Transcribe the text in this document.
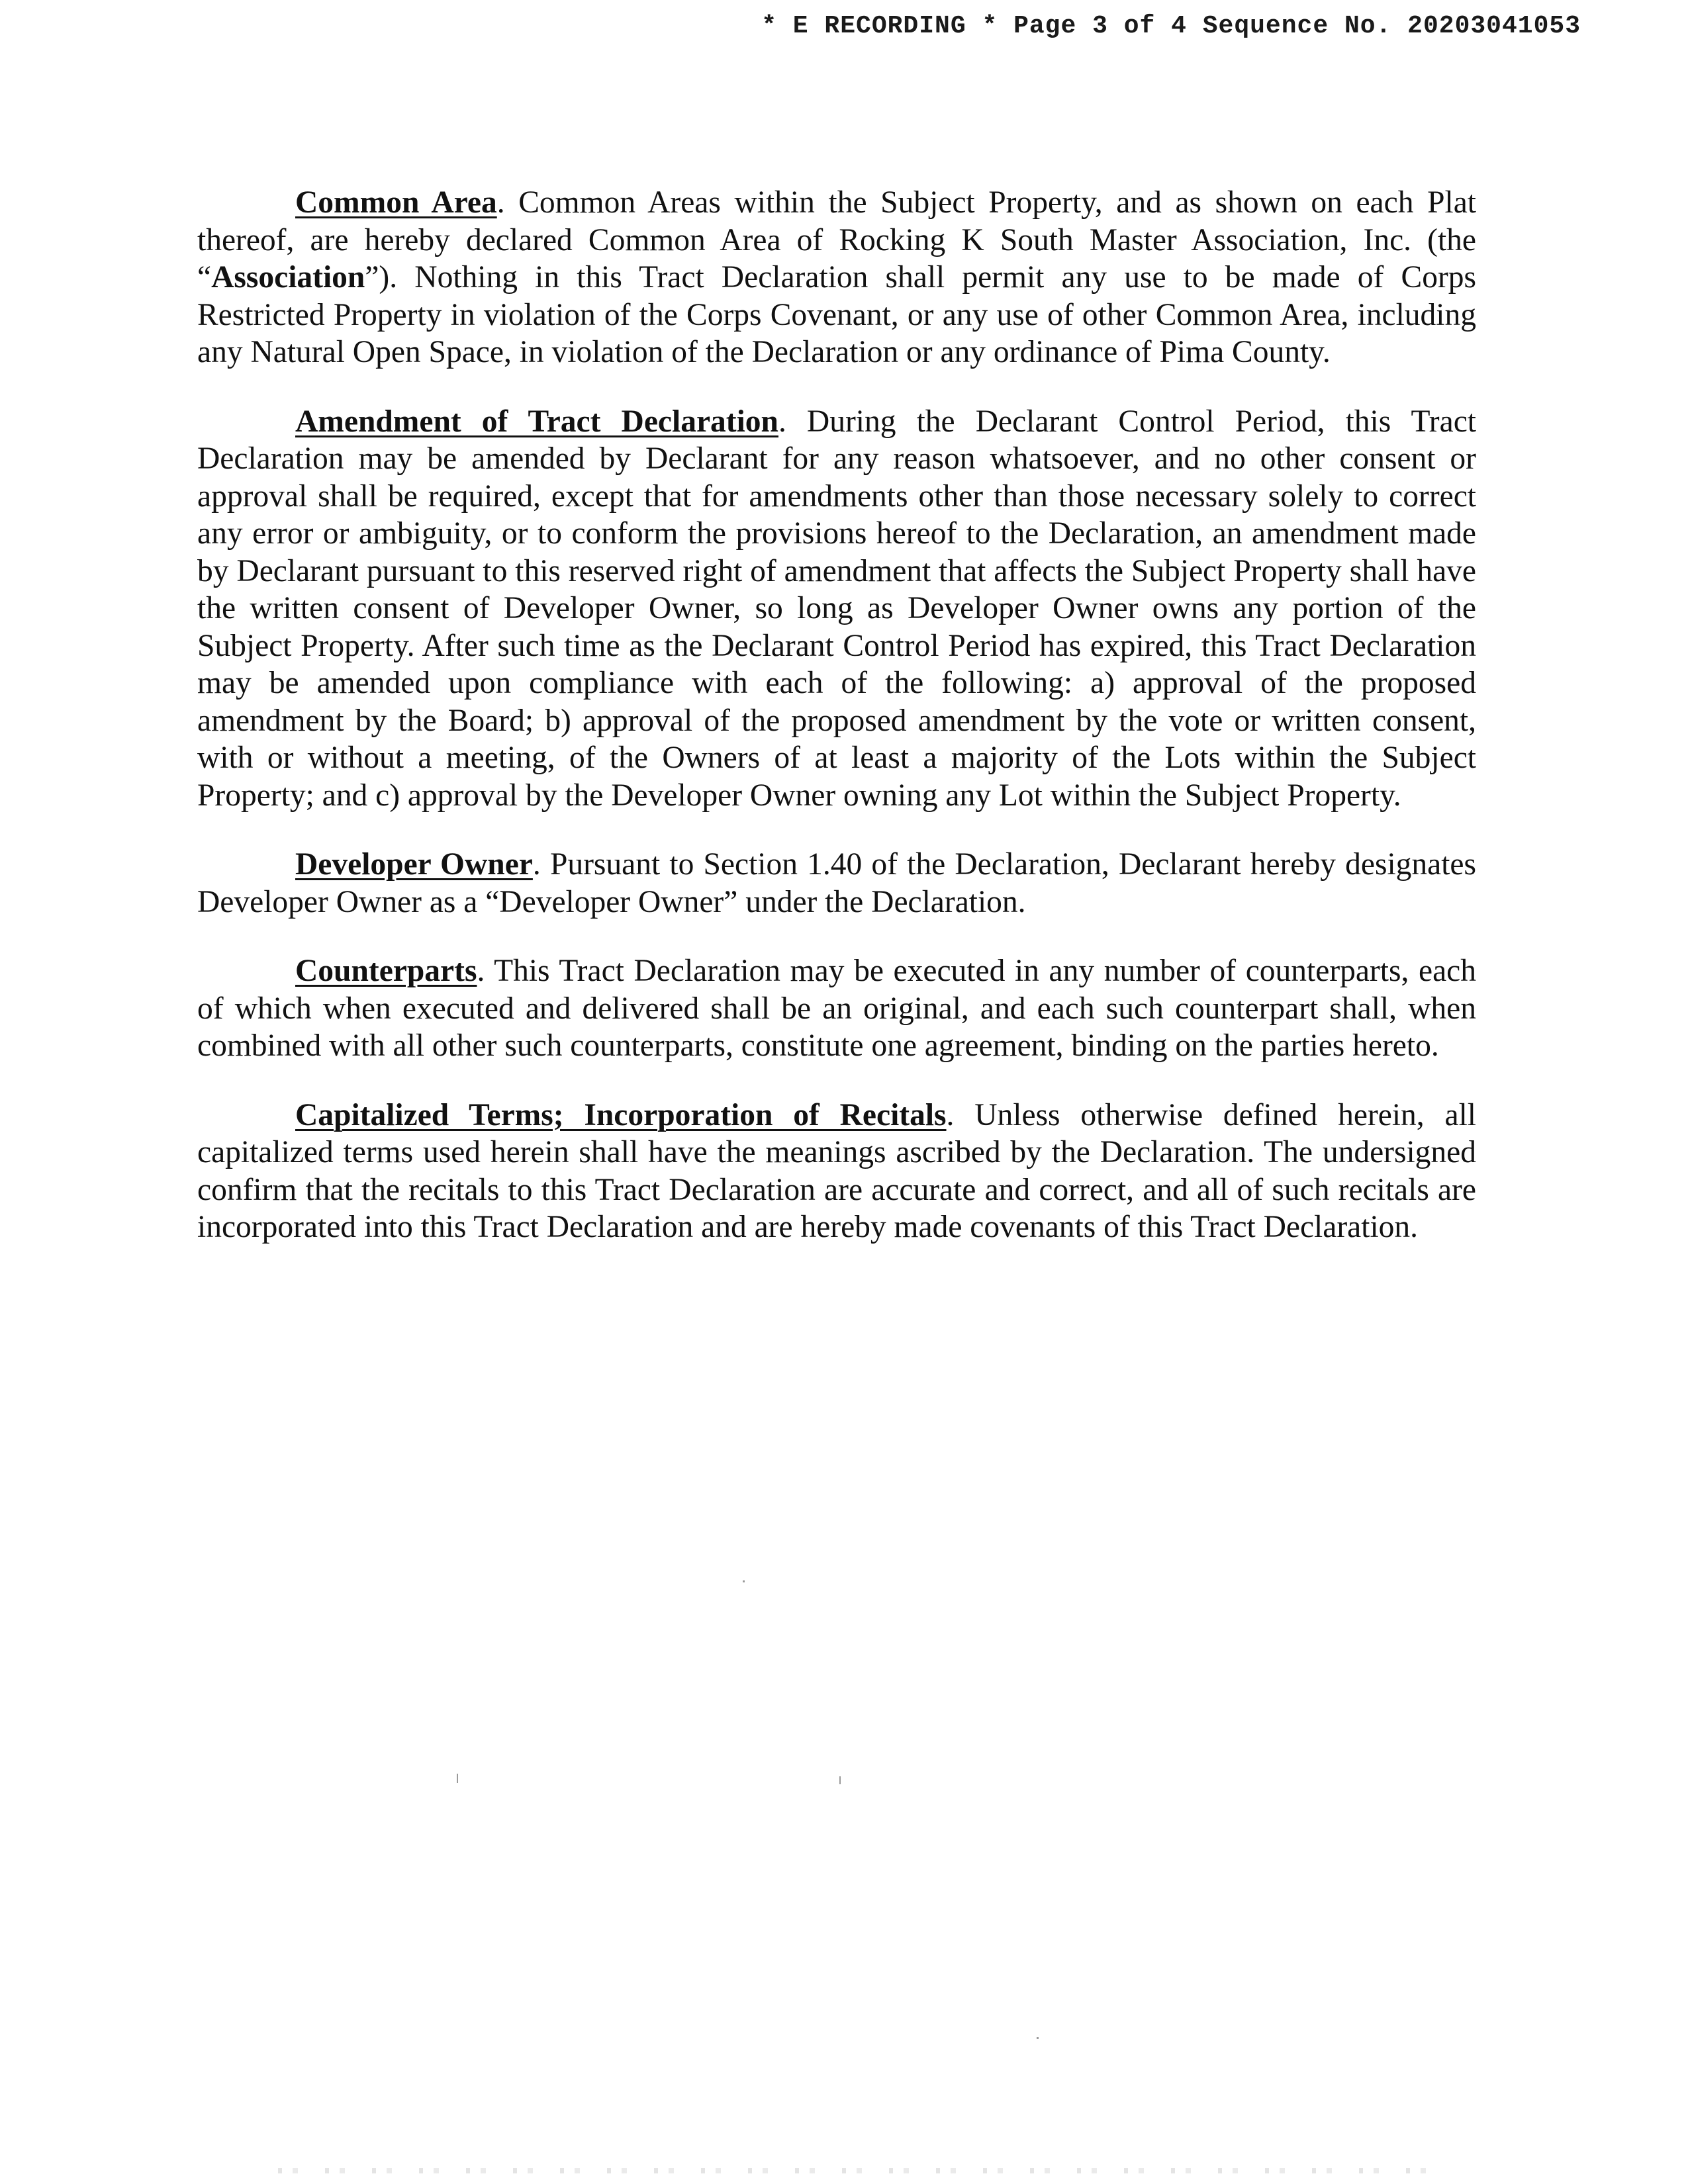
* E RECORDING * Page 3 of 4 Sequence No. 20203041053

Common Area. Common Areas within the Subject Property, and as shown on each Plat thereof, are hereby declared Common Area of Rocking K South Master Association, Inc. (the “Association”). Nothing in this Tract Declaration shall permit any use to be made of Corps Restricted Property in violation of the Corps Covenant, or any use of other Common Area, including any Natural Open Space, in violation of the Declaration or any ordinance of Pima County.

Amendment of Tract Declaration. During the Declarant Control Period, this Tract Declaration may be amended by Declarant for any reason whatsoever, and no other consent or approval shall be required, except that for amendments other than those necessary solely to correct any error or ambiguity, or to conform the provisions hereof to the Declaration, an amendment made by Declarant pursuant to this reserved right of amendment that affects the Subject Property shall have the written consent of Developer Owner, so long as Developer Owner owns any portion of the Subject Property. After such time as the Declarant Control Period has expired, this Tract Declaration may be amended upon compliance with each of the following: a) approval of the proposed amendment by the Board; b) approval of the proposed amendment by the vote or written consent, with or without a meeting, of the Owners of at least a majority of the Lots within the Subject Property; and c) approval by the Developer Owner owning any Lot within the Subject Property.

Developer Owner. Pursuant to Section 1.40 of the Declaration, Declarant hereby designates Developer Owner as a “Developer Owner” under the Declaration.

Counterparts. This Tract Declaration may be executed in any number of counterparts, each of which when executed and delivered shall be an original, and each such counterpart shall, when combined with all other such counterparts, constitute one agreement, binding on the parties hereto.

Capitalized Terms; Incorporation of Recitals. Unless otherwise defined herein, all capitalized terms used herein shall have the meanings ascribed by the Declaration. The undersigned confirm that the recitals to this Tract Declaration are accurate and correct, and all of such recitals are incorporated into this Tract Declaration and are hereby made covenants of this Tract Declaration.
